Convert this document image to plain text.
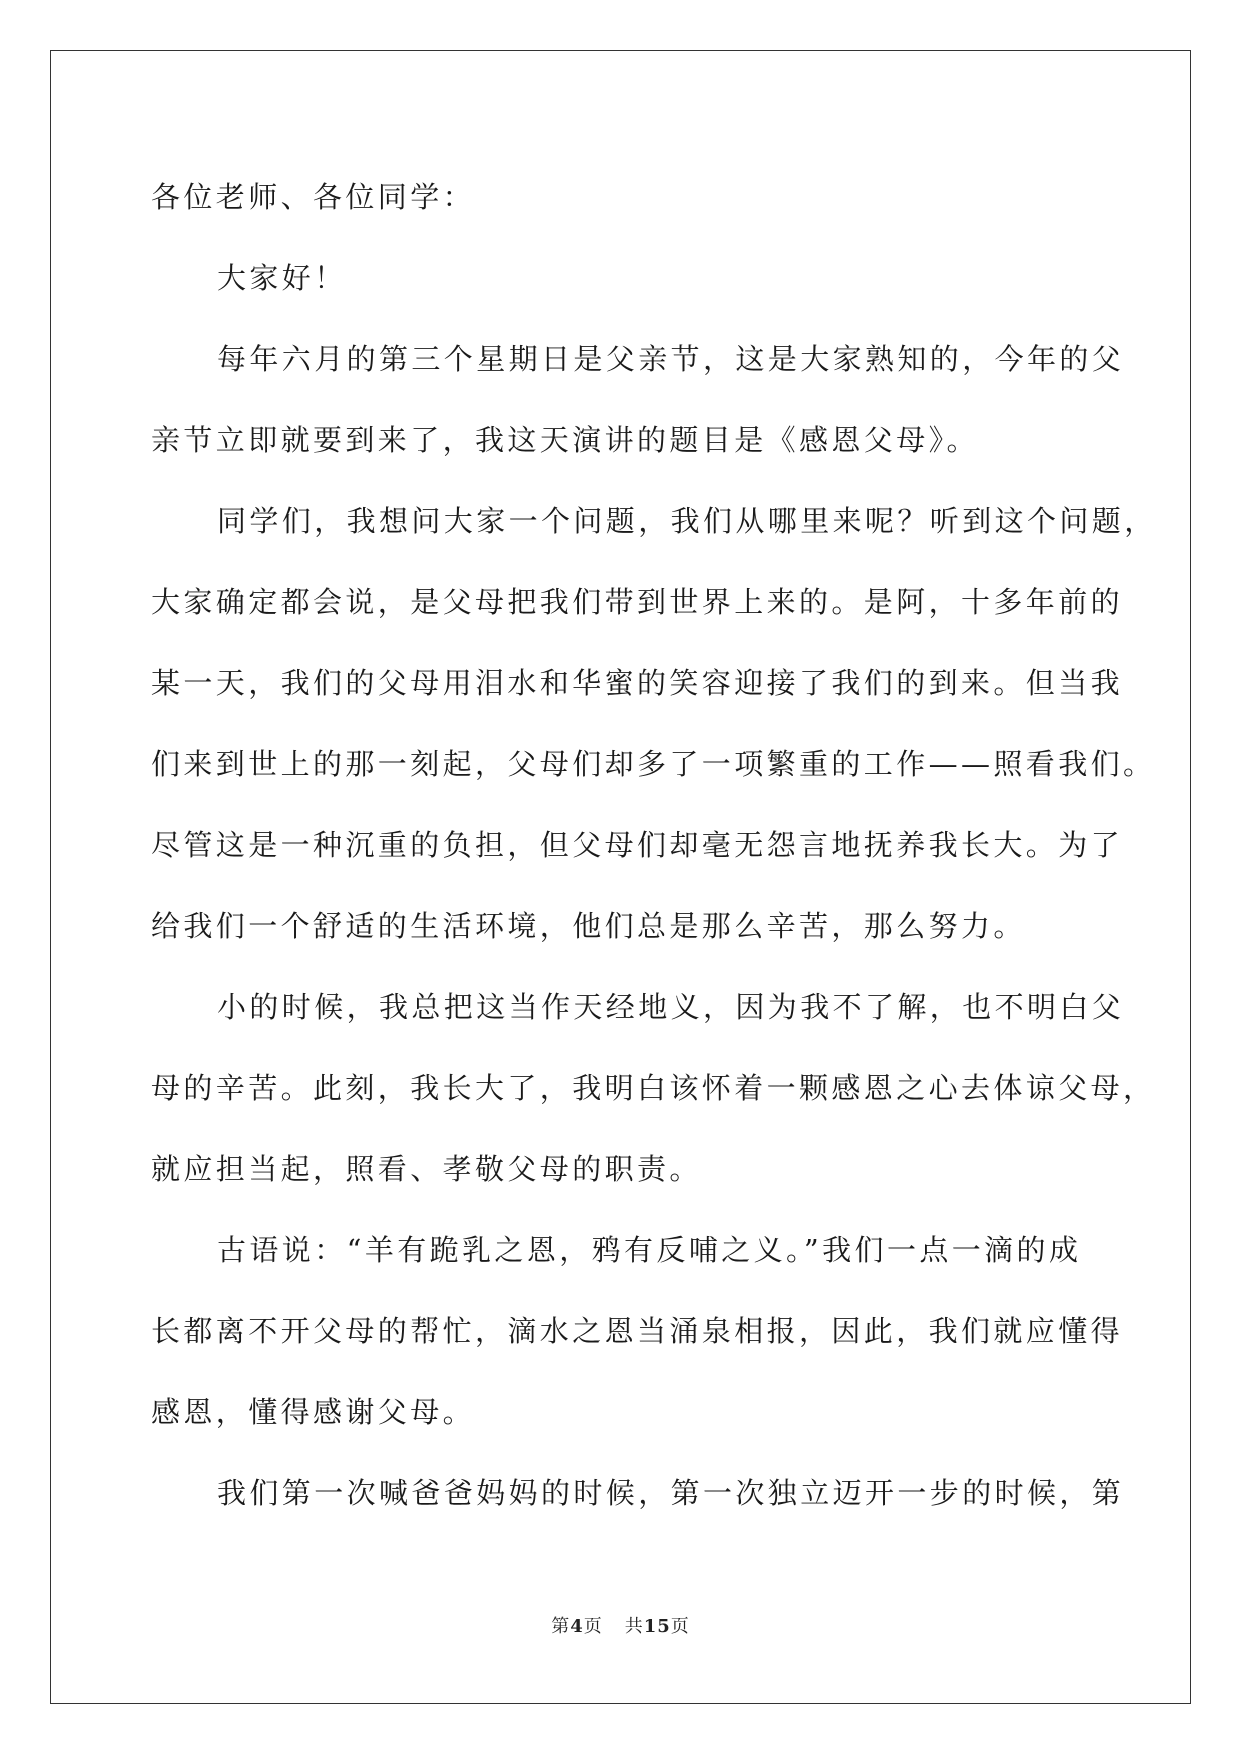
各位老师、各位同学：
大家好！
每年六月的第三个星期日是父亲节，这是大家熟知的，今年的父
亲节立即就要到来了，我这天演讲的题目是《感恩父母》。
同学们，我想问大家一个问题，我们从哪里来呢？听到这个问题，
大家确定都会说，是父母把我们带到世界上来的。是阿，十多年前的
某一天，我们的父母用泪水和华蜜的笑容迎接了我们的到来。但当我
们来到世上的那一刻起，父母们却多了一项繁重的工作——照看我们。
尽管这是一种沉重的负担，但父母们却毫无怨言地抚养我长大。为了
给我们一个舒适的生活环境，他们总是那么辛苦，那么努力。
小的时候，我总把这当作天经地义，因为我不了解，也不明白父
母的辛苦。此刻，我长大了，我明白该怀着一颗感恩之心去体谅父母，
就应担当起，照看、孝敬父母的职责。
古语说：“羊有跪乳之恩，鸦有反哺之义。”我们一点一滴的成
长都离不开父母的帮忙，滴水之恩当涌泉相报，因此，我们就应懂得
感恩，懂得感谢父母。
我们第一次喊爸爸妈妈的时候，第一次独立迈开一步的时候，第
第4页 共15页
